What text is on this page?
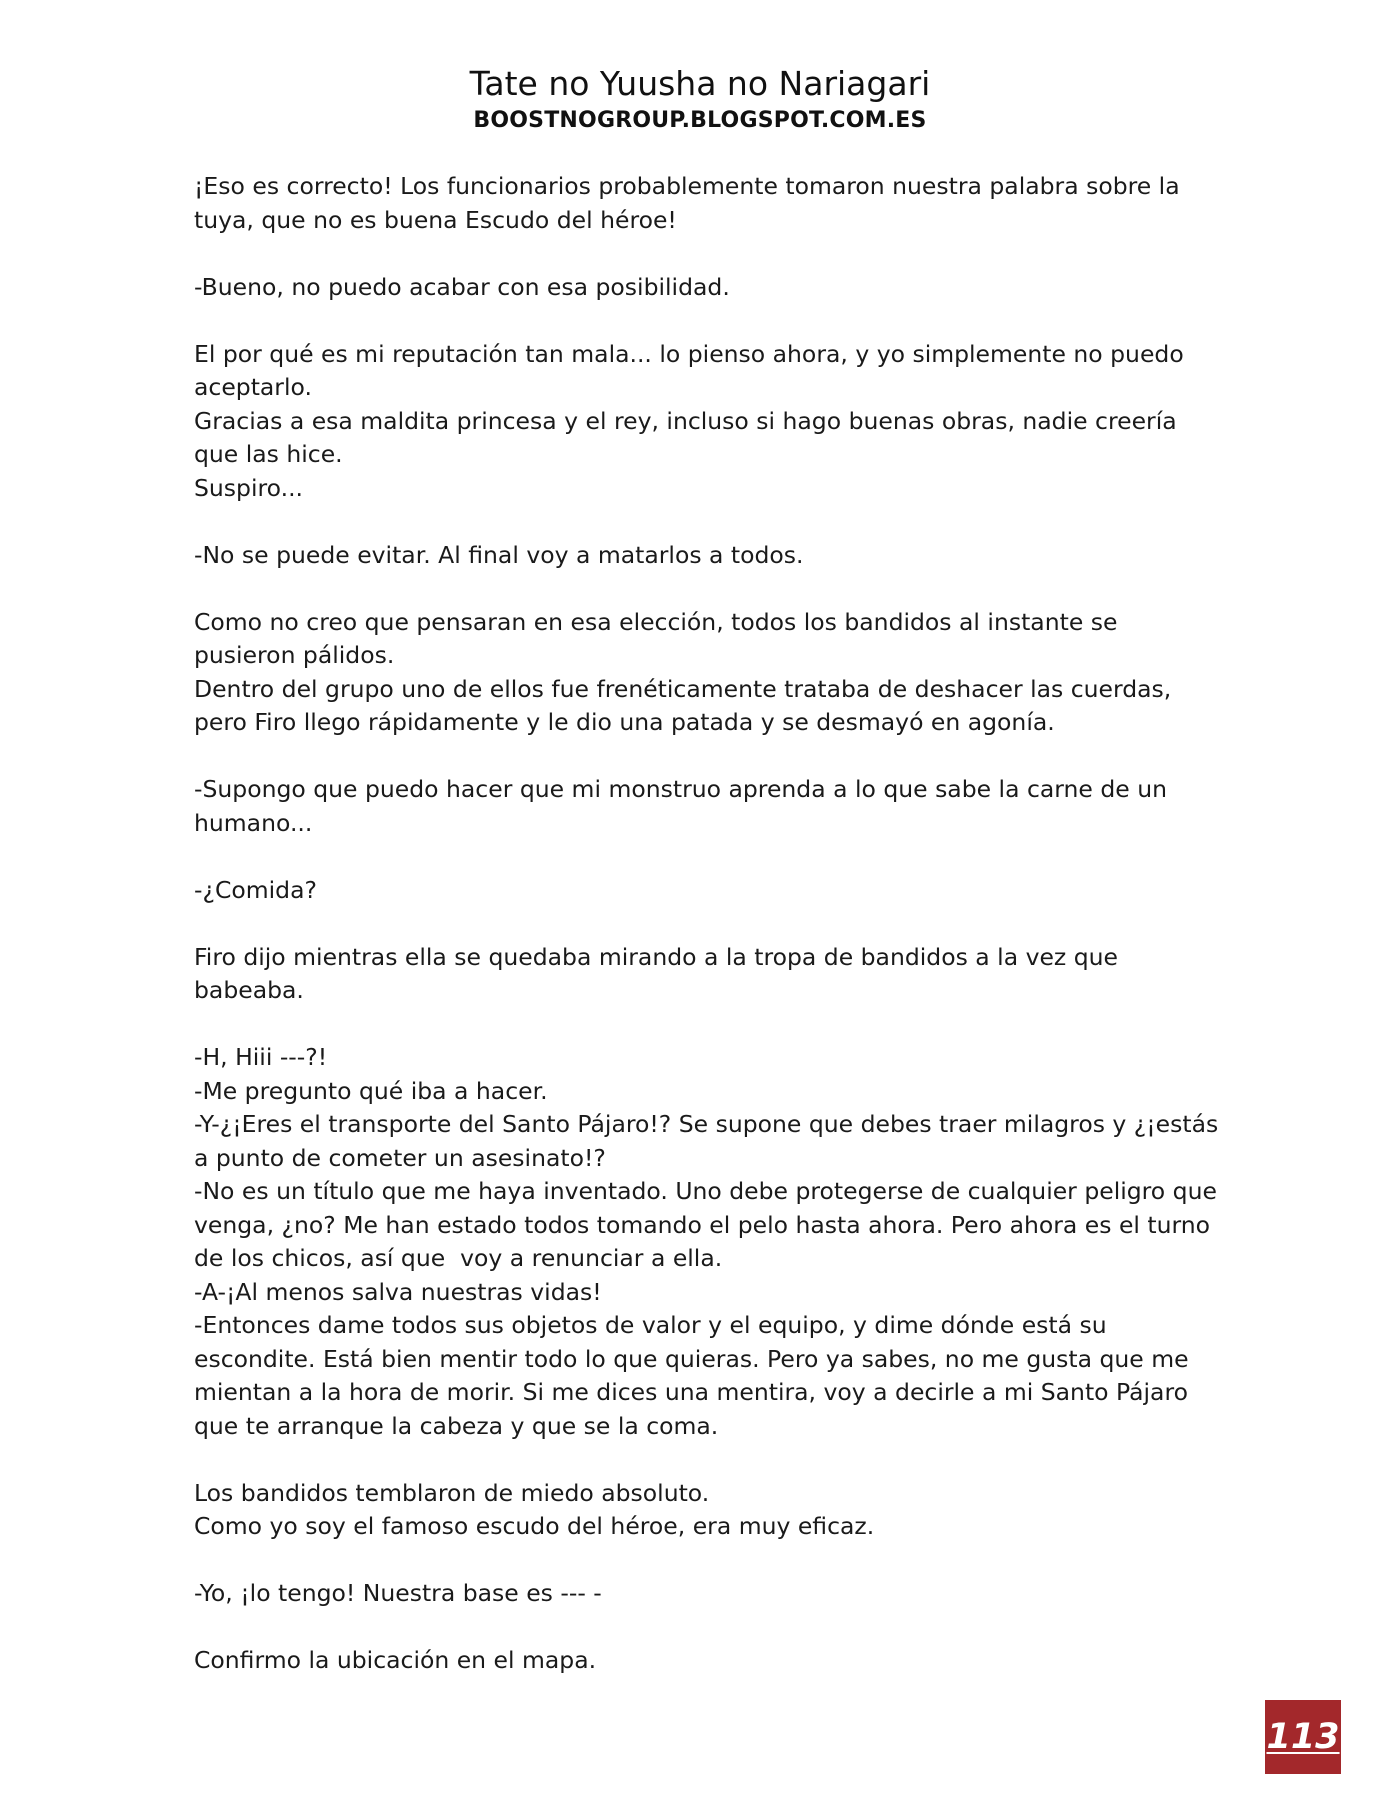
Tate no Yuusha no Nariagari

BOOSTNOGROUP.BLOGSPOT.COM.ES

¡Eso es correcto! Los funcionarios probablemente tomaron nuestra palabra sobre la tuya, que no es buena Escudo del héroe!
-Bueno, no puedo acabar con esa posibilidad.
El por qué es mi reputación tan mala... lo pienso ahora, y yo simplemente no puedo aceptarlo.
Gracias a esa maldita princesa y el rey, incluso si hago buenas obras, nadie creería que las hice.
Suspiro...
-No se puede evitar. Al final voy a matarlos a todos.
Como no creo que pensaran en esa elección, todos los bandidos al instante se pusieron pálidos.
Dentro del grupo uno de ellos fue frenéticamente trataba de deshacer las cuerdas, pero Firo llego rápidamente y le dio una patada y se desmayó en agonía.
-Supongo que puedo hacer que mi monstruo aprenda a lo que sabe la carne de un humano...
-¿Comida?
Firo dijo mientras ella se quedaba mirando a la tropa de bandidos a la vez que babeaba.
-H, Hiii ---?!
-Me pregunto qué iba a hacer.
-Y-¿¡Eres el transporte del Santo Pájaro!? Se supone que debes traer milagros y ¿¡estás a punto de cometer un asesinato!?
-No es un título que me haya inventado. Uno debe protegerse de cualquier peligro que venga, ¿no? Me han estado todos tomando el pelo hasta ahora. Pero ahora es el turno de los chicos, así que  voy a renunciar a ella.
-A-¡Al menos salva nuestras vidas!
-Entonces dame todos sus objetos de valor y el equipo, y dime dónde está su escondite. Está bien mentir todo lo que quieras. Pero ya sabes, no me gusta que me mientan a la hora de morir. Si me dices una mentira, voy a decirle a mi Santo Pájaro que te arranque la cabeza y que se la coma.
Los bandidos temblaron de miedo absoluto.
Como yo soy el famoso escudo del héroe, era muy eficaz.
-Yo, ¡lo tengo! Nuestra base es --- -
Confirmo la ubicación en el mapa.
113
